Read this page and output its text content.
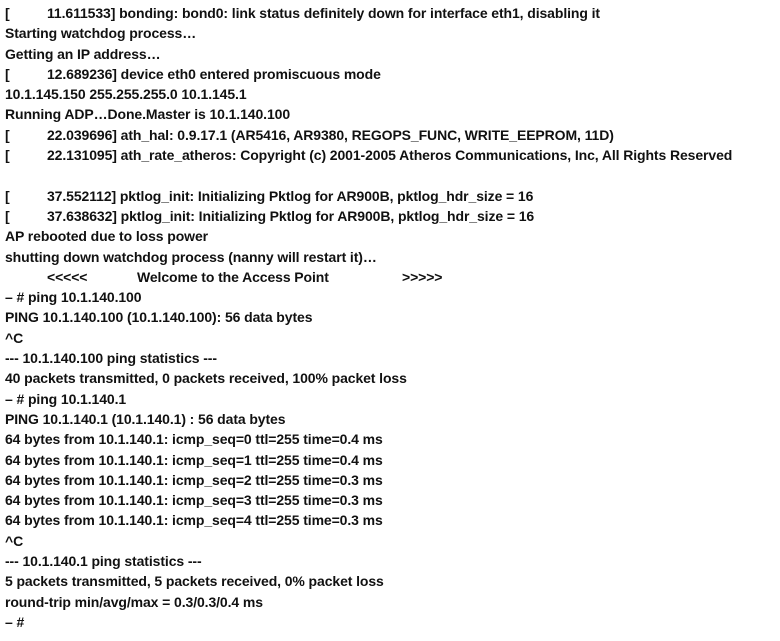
[	11.611533] bonding: bond0: link status definitely down for interface eth1, disabling it
Starting watchdog process…
Getting an IP address…
[	12.689236] device eth0 entered promiscuous mode
10.1.145.150 255.255.255.0 10.1.145.1
Running ADP…Done.Master is 10.1.140.100
[	22.039696] ath_hal: 0.9.17.1 (AR5416, AR9380, REGOPS_FUNC, WRITE_EEPROM, 11D)
[	22.131095] ath_rate_atheros: Copyright (c) 2001-2005 Atheros Communications, Inc, All Rights Reserved
[	37.552112] pktlog_init: Initializing Pktlog for AR900B, pktlog_hdr_size = 16
[	37.638632] pktlog_init: Initializing Pktlog for AR900B, pktlog_hdr_size = 16
AP rebooted due to loss power
shutting down watchdog process (nanny will restart it)…
<<<<<	Welcome to the Access Point	>>>>>
– # ping 10.1.140.100
PING 10.1.140.100 (10.1.140.100): 56 data bytes
^C
--- 10.1.140.100 ping statistics ---
40 packets transmitted, 0 packets received, 100% packet loss
– # ping 10.1.140.1
PING 10.1.140.1 (10.1.140.1) : 56 data bytes
64 bytes from 10.1.140.1: icmp_seq=0 ttl=255 time=0.4 ms
64 bytes from 10.1.140.1: icmp_seq=1 ttl=255 time=0.4 ms
64 bytes from 10.1.140.1: icmp_seq=2 ttl=255 time=0.3 ms
64 bytes from 10.1.140.1: icmp_seq=3 ttl=255 time=0.3 ms
64 bytes from 10.1.140.1: icmp_seq=4 ttl=255 time=0.3 ms
^C
--- 10.1.140.1 ping statistics ---
5 packets transmitted, 5 packets received, 0% packet loss
round-trip min/avg/max = 0.3/0.3/0.4 ms
– #
